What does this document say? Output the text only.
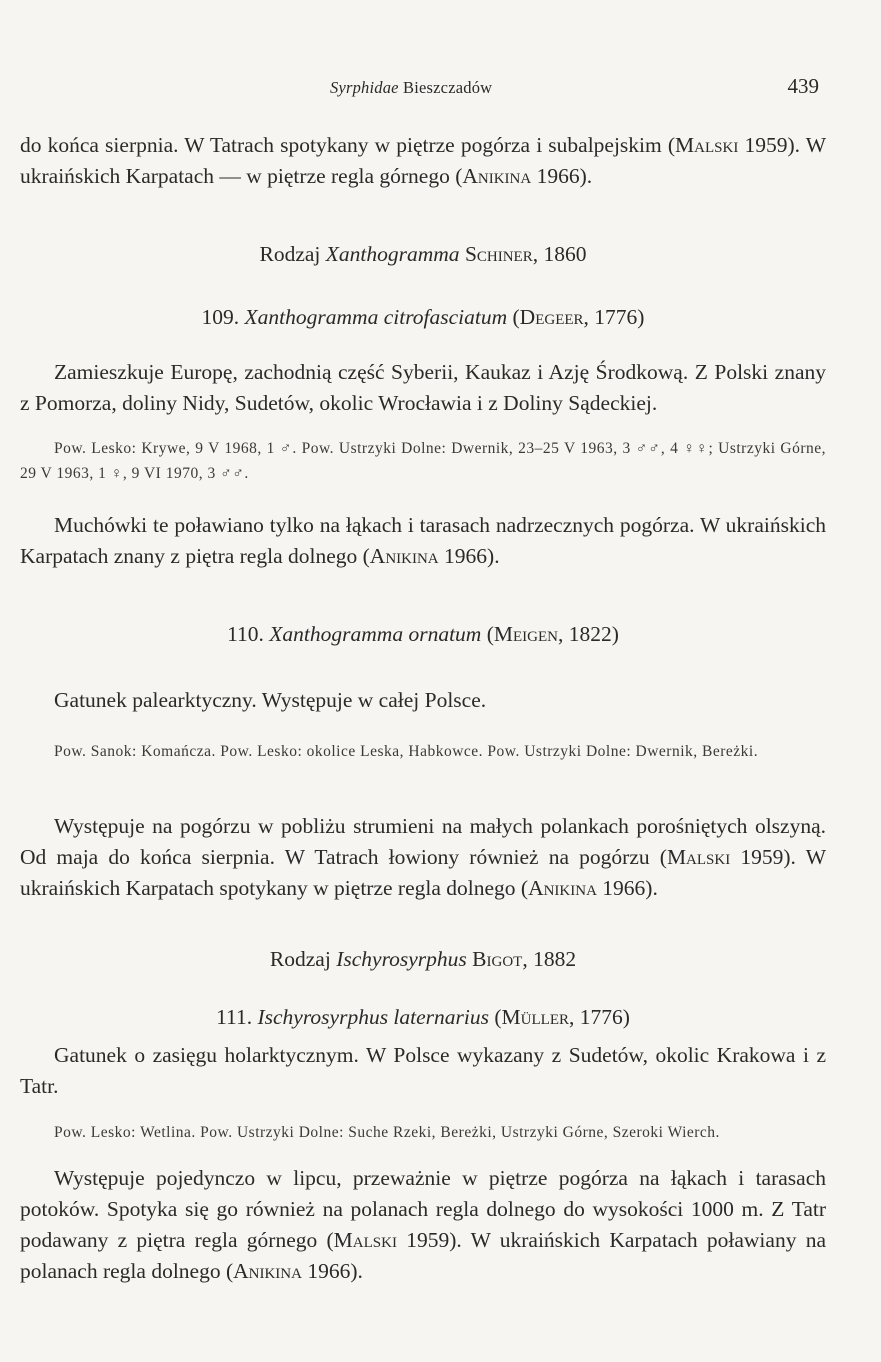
Syrphidae Bieszczadów	439
do końca sierpnia. W Tatrach spotykany w piętrze pogórza i subalpejskim (Malski 1959). W ukraińskich Karpatach — w piętrze regla górnego (Anikina 1966).
Rodzaj Xanthogramma Schiner, 1860
109. Xanthogramma citrofasciatum (Degeer, 1776)
Zamieszkuje Europę, zachodnią część Syberii, Kaukaz i Azję Środkową. Z Polski znany z Pomorza, doliny Nidy, Sudetów, okolic Wrocławia i z Doliny Sądeckiej.
Pow. Lesko: Krywe, 9 V 1968, 1 ♂. Pow. Ustrzyki Dolne: Dwernik, 23–25 V 1963, 3 ♂♂, 4 ♀♀; Ustrzyki Górne, 29 V 1963, 1 ♀, 9 VI 1970, 3 ♂♂.
Muchówki te poławiano tylko na łąkach i tarasach nadrzecznych pogórza. W ukraińskich Karpatach znany z piętra regla dolnego (Anikina 1966).
110. Xanthogramma ornatum (Meigen, 1822)
Gatunek palearktyczny. Występuje w całej Polsce.
Pow. Sanok: Komańcza. Pow. Lesko: okolice Leska, Habkowce. Pow. Ustrzyki Dolne: Dwernik, Bereżki.
Występuje na pogórzu w pobliżu strumieni na małych polankach porośniętych olszyną. Od maja do końca sierpnia. W Tatrach łowiony również na pogórzu (Malski 1959). W ukraińskich Karpatach spotykany w piętrze regla dolnego (Anikina 1966).
Rodzaj Ischyrosyrphus Bigot, 1882
111. Ischyrosyrphus laternarius (Müller, 1776)
Gatunek o zasięgu holarktycznym. W Polsce wykazany z Sudetów, okolic Krakowa i z Tatr.
Pow. Lesko: Wetlina. Pow. Ustrzyki Dolne: Suche Rzeki, Bereżki, Ustrzyki Górne, Szeroki Wierch.
Występuje pojedynczo w lipcu, przeważnie w piętrze pogórza na łąkach i tarasach potoków. Spotyka się go również na polanach regla dolnego do wysokości 1000 m. Z Tatr podawany z piętra regla górnego (Malski 1959). W ukraińskich Karpatach poławiany na polanach regla dolnego (Anikina 1966).
